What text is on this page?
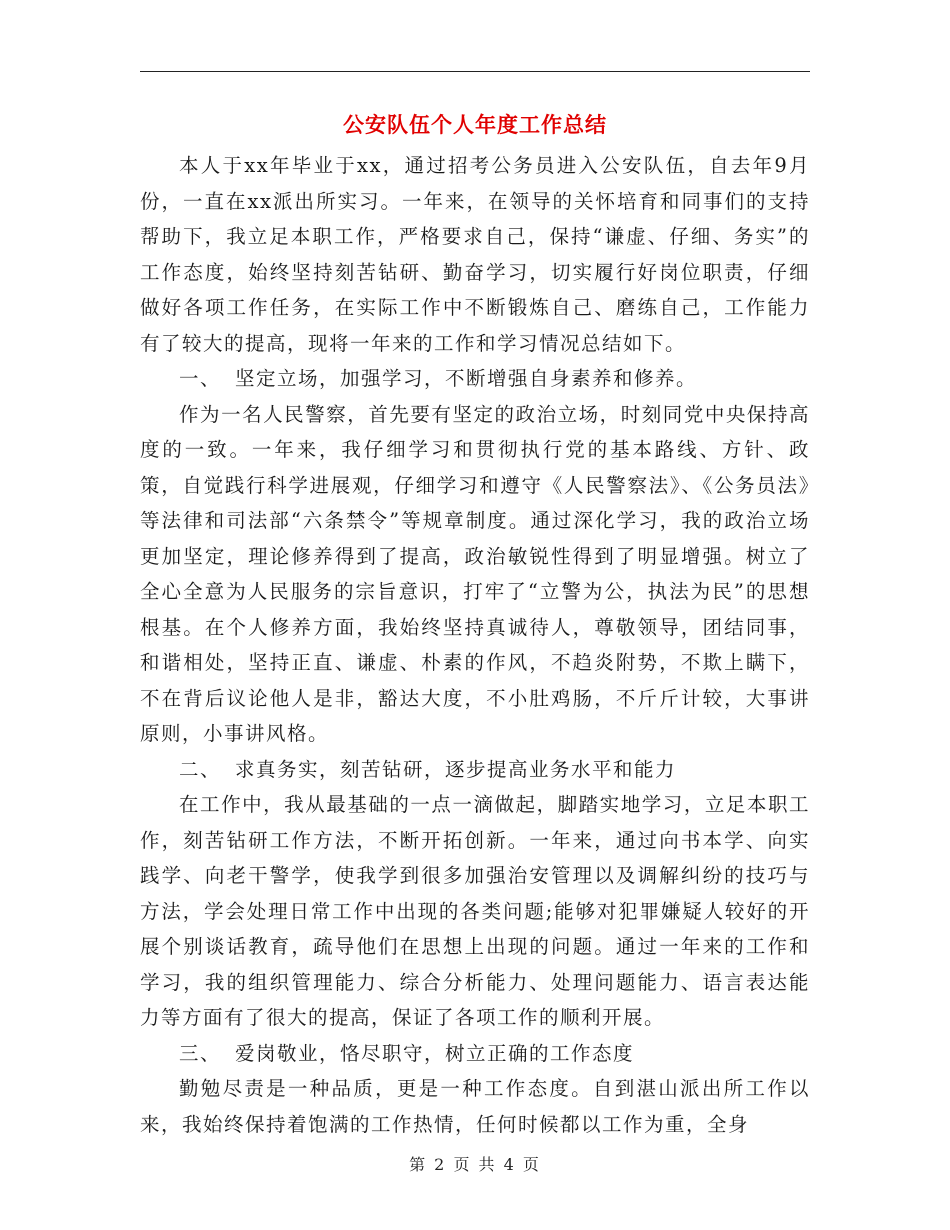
公安队伍个人年度工作总结

本人于xx年毕业于xx，通过招考公务员进入公安队伍，自去年9月份，一直在xx派出所实习。一年来，在领导的关怀培育和同事们的支持帮助下，我立足本职工作，严格要求自己，保持“谦虚、仔细、务实”的工作态度，始终坚持刻苦钻研、勤奋学习，切实履行好岗位职责，仔细做好各项工作任务，在实际工作中不断锻炼自己、磨练自己，工作能力有了较大的提高，现将一年来的工作和学习情况总结如下。

一、 坚定立场，加强学习，不断增强自身素养和修养。

作为一名人民警察，首先要有坚定的政治立场，时刻同党中央保持高度的一致。一年来，我仔细学习和贯彻执行党的基本路线、方针、政策，自觉践行科学进展观，仔细学习和遵守《人民警察法》、《公务员法》等法律和司法部“六条禁令”等规章制度。通过深化学习，我的政治立场更加坚定，理论修养得到了提高，政治敏锐性得到了明显增强。树立了全心全意为人民服务的宗旨意识，打牢了“立警为公，执法为民”的思想根基。在个人修养方面，我始终坚持真诚待人，尊敬领导，团结同事，和谐相处，坚持正直、谦虚、朴素的作风，不趋炎附势，不欺上瞒下，不在背后议论他人是非，豁达大度，不小肚鸡肠，不斤斤计较，大事讲原则，小事讲风格。

二、 求真务实，刻苦钻研，逐步提高业务水平和能力

在工作中，我从最基础的一点一滴做起，脚踏实地学习，立足本职工作，刻苦钻研工作方法，不断开拓创新。一年来，通过向书本学、向实践学、向老干警学，使我学到很多加强治安管理以及调解纠纷的技巧与方法，学会处理日常工作中出现的各类问题;能够对犯罪嫌疑人较好的开展个别谈话教育，疏导他们在思想上出现的问题。通过一年来的工作和学习，我的组织管理能力、综合分析能力、处理问题能力、语言表达能力等方面有了很大的提高，保证了各项工作的顺利开展。

三、 爱岗敬业，恪尽职守，树立正确的工作态度

勤勉尽责是一种品质，更是一种工作态度。自到湛山派出所工作以来，我始终保持着饱满的工作热情，任何时候都以工作为重，全身

第 2 页 共 4 页
